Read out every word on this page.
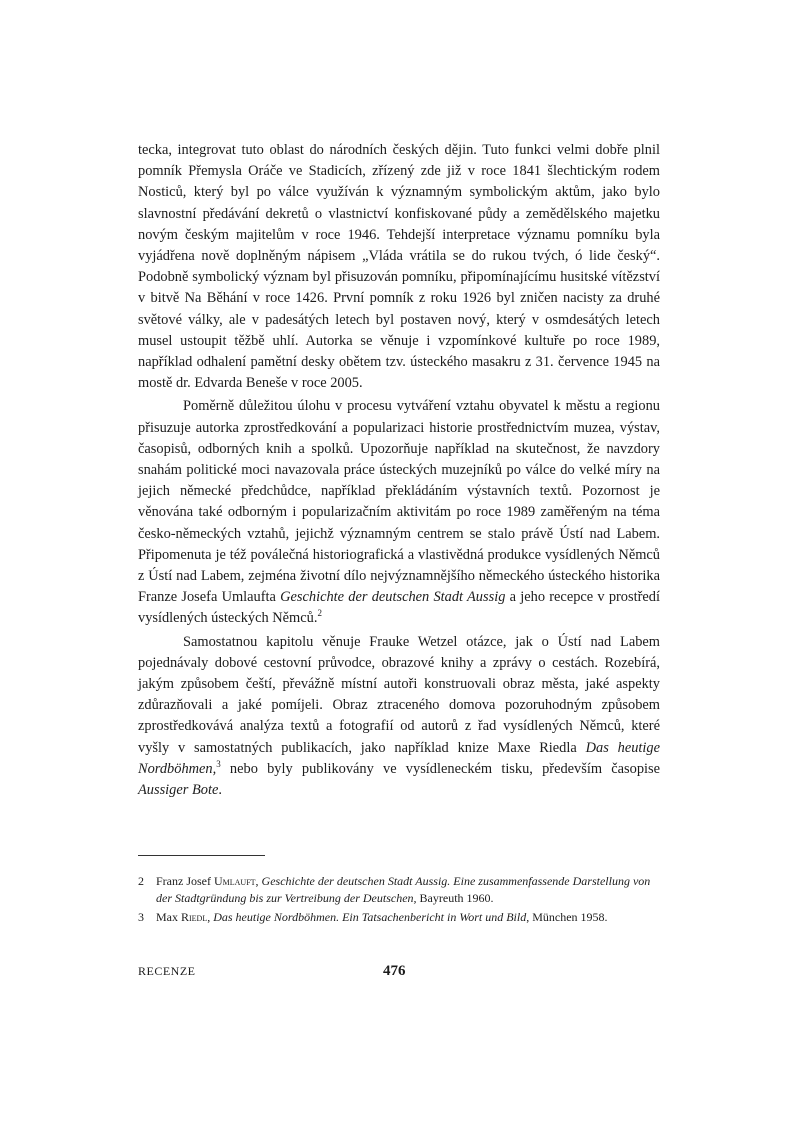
tecka, integrovat tuto oblast do národních českých dějin. Tuto funkci velmi dobře plnil pomník Přemysla Oráče ve Stadicích, zřízený zde již v roce 1841 šlechtickým rodem Nosticů, který byl po válce využíván k významným symbolickým aktům, jako bylo slavnostní předávání dekretů o vlastnictví konfiskované půdy a zemědělského majetku novým českým majitelům v roce 1946. Tehdejší interpretace významu pomníku byla vyjádřena nově doplněným nápisem „Vláda vrátila se do rukou tvých, ó lide český“. Podobně symbolický význam byl přisuzován pomníku, připomínajícímu husitské vítězství v bitvě Na Běhání v roce 1426. První pomník z roku 1926 byl zničen nacisty za druhé světové války, ale v padesátých letech byl postaven nový, který v osmdesátých letech musel ustoupit těžbě uhlí. Autorka se věnuje i vzpomínkové kultuře po roce 1989, například odhalení pamětní desky obětem tzv. ústeckého masakru z 31. července 1945 na mostě dr. Edvarda Beneše v roce 2005.

Poměrně důležitou úlohu v procesu vytváření vztahu obyvatel k městu a regionu přisuzuje autorka zprostředkování a popularizaci historie prostřednictvím muzea, výstav, časopisů, odborných knih a spolků. Upozorňuje například na skutečnost, že navzdory snahám politické moci navazovala práce ústeckých muzejníků po válce do velké míry na jejich německé předchůdce, například překládáním výstavních textů. Pozornost je věnována také odborným i popularizačním aktivitám po roce 1989 zaměřeným na téma česko-německých vztahů, jejichž významným centrem se stalo právě Ústí nad Labem. Připomenuta je též poválečná historiografická a vlastivědná produkce vysídlených Němců z Ústí nad Labem, zejména životní dílo nejvýznamnějšího německého ústeckého historika Franze Josefa Umlaufta Geschichte der deutschen Stadt Aussig a jeho recepce v prostředí vysídlených ústeckých Němců.$^2$

Samostatnou kapitolu věnuje Frauke Wetzel otázce, jak o Ústí nad Labem pojednávaly dobové cestovní průvodce, obrazové knihy a zprávy o cestách. Rozebírá, jakým způsobem čeští, převážně místní autoři konstruovali obraz města, jaké aspekty zdůrazňovali a jaké pomíjeli. Obraz ztraceného domova pozoruhodným způsobem zprostředkovává analýza textů a fotografií od autorů z řad vysídlených Němců, které vyšly v samostatných publikacích, jako například knize Maxe Riedla Das heutige Nordböhmen,$^3$ nebo byly publikovány ve vysídleneckém tisku, především časopise Aussiger Bote.

2	Franz Josef Umlauft, Geschichte der deutschen Stadt Aussig. Eine zusammenfassende Darstellung von der Stadtgründung bis zur Vertreibung der Deutschen, Bayreuth 1960.
3	Max Riedl, Das heutige Nordböhmen. Ein Tatsachenbericht in Wort und Bild, München 1958.
RECENZE	476
